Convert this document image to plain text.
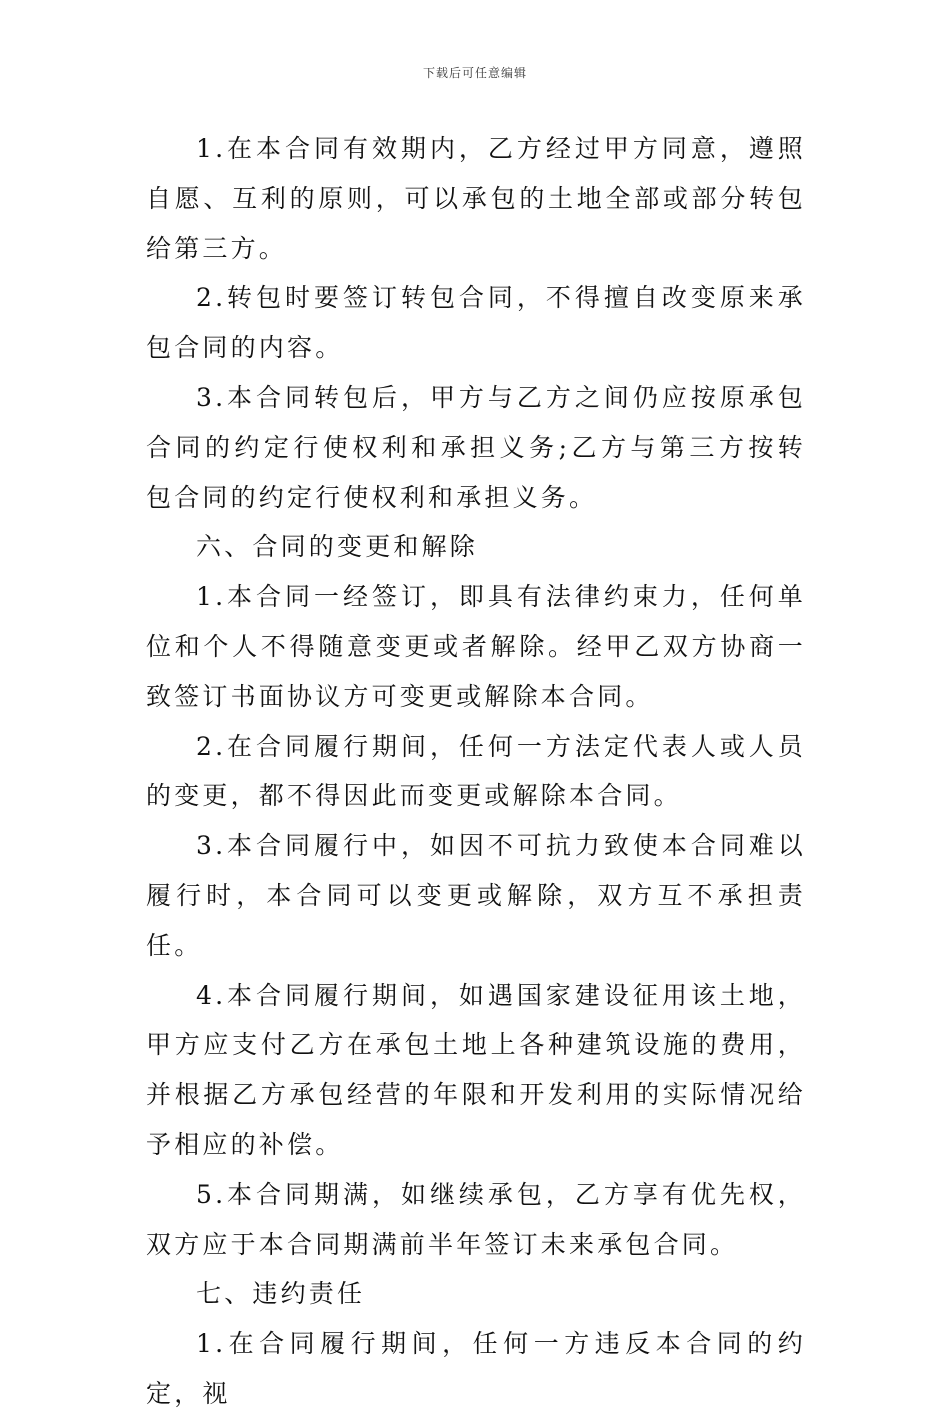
下载后可任意编辑

1.在本合同有效期内，乙方经过甲方同意，遵照自愿、互利的原则，可以承包的土地全部或部分转包给第三方。

2.转包时要签订转包合同，不得擅自改变原来承包合同的内容。

3.本合同转包后，甲方与乙方之间仍应按原承包合同的约定行使权利和承担义务;乙方与第三方按转包合同的约定行使权利和承担义务。

六、合同的变更和解除

1.本合同一经签订，即具有法律约束力，任何单位和个人不得随意变更或者解除。经甲乙双方协商一致签订书面协议方可变更或解除本合同。

2.在合同履行期间，任何一方法定代表人或人员的变更，都不得因此而变更或解除本合同。

3.本合同履行中，如因不可抗力致使本合同难以履行时，本合同可以变更或解除，双方互不承担责任。

4.本合同履行期间，如遇国家建设征用该土地，甲方应支付乙方在承包土地上各种建筑设施的费用，并根据乙方承包经营的年限和开发利用的实际情况给予相应的补偿。

5.本合同期满，如继续承包，乙方享有优先权，双方应于本合同期满前半年签订未来承包合同。

七、违约责任

1.在合同履行期间，任何一方违反本合同的约定，视
